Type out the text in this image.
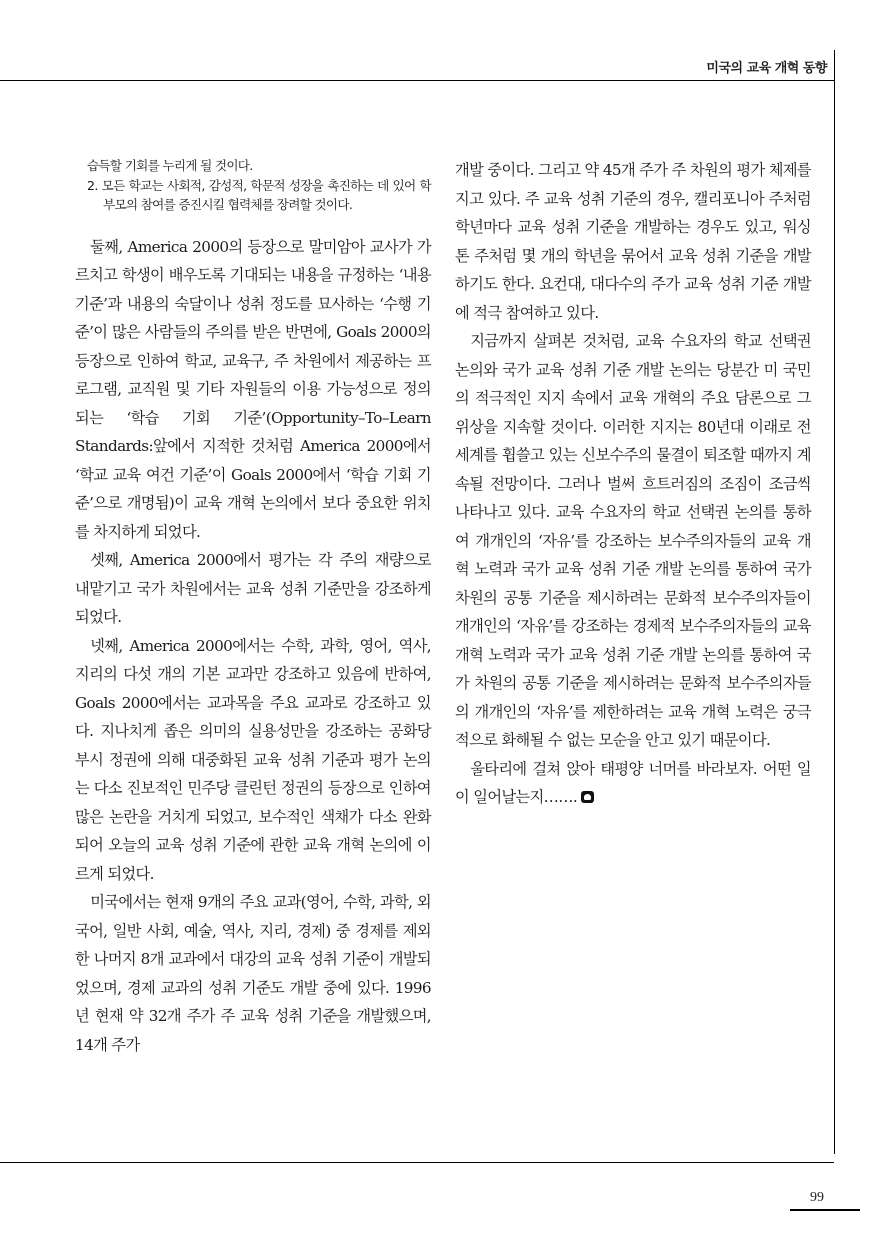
미국의 교육 개혁 동향
습득할 기회를 누리게 될 것이다.
2. 모든 학교는 사회적, 감성적, 학문적 성장을 촉진하는 데 있어 학부모의 참여를 증진시킬 협력체를 장려할 것이다.

둘째, America 2000의 등장으로 말미암아 교사가 가르치고 학생이 배우도록 기대되는 내용을 규정하는 ‘내용 기준’과 내용의 숙달이나 성취 정도를 묘사하는 ‘수행 기준’이 많은 사람들의 주의를 받은 반면에, Goals 2000의 등장으로 인하여 학교, 교육구, 주 차원에서 제공하는 프로그램, 교직원 및 기타 자원들의 이용 가능성으로 정의되는 ‘학습 기회 기준’(Opportunity–To–Learn Standards:앞에서 지적한 것처럼 America 2000에서 ‘학교 교육 여건 기준’이 Goals 2000에서 ‘학습 기회 기준’으로 개명됨)이 교육 개혁 논의에서 보다 중요한 위치를 차지하게 되었다.

셋째, America 2000에서 평가는 각 주의 재량으로 내맡기고 국가 차원에서는 교육 성취 기준만을 강조하게 되었다.

넷째, America 2000에서는 수학, 과학, 영어, 역사, 지리의 다섯 개의 기본 교과만 강조하고 있음에 반하여, Goals 2000에서는 교과목을 주요 교과로 강조하고 있다. 지나치게 좁은 의미의 실용성만을 강조하는 공화당 부시 정권에 의해 대중화된 교육 성취 기준과 평가 논의는 다소 진보적인 민주당 클린턴 정권의 등장으로 인하여 많은 논란을 거치게 되었고, 보수적인 색채가 다소 완화되어 오늘의 교육 성취 기준에 관한 교육 개혁 논의에 이르게 되었다.

미국에서는 현재 9개의 주요 교과(영어, 수학, 과학, 외국어, 일반 사회, 예술, 역사, 지리, 경제) 중 경제를 제외한 나머지 8개 교과에서 대강의 교육 성취 기준이 개발되었으며, 경제 교과의 성취 기준도 개발 중에 있다. 1996년 현재 약 32개 주가 주 교육 성취 기준을 개발했으며, 14개 주가

개발 중이다. 그리고 약 45개 주가 주 차원의 평가 체제를 지고 있다. 주 교육 성취 기준의 경우, 캘리포니아 주처럼 학년마다 교육 성취 기준을 개발하는 경우도 있고, 워싱톤 주처럼 몇 개의 학년을 묶어서 교육 성취 기준을 개발하기도 한다. 요컨대, 대다수의 주가 교육 성취 기준 개발에 적극 참여하고 있다.

지금까지 살펴본 것처럼, 교육 수요자의 학교 선택권 논의와 국가 교육 성취 기준 개발 논의는 당분간 미 국민의 적극적인 지지 속에서 교육 개혁의 주요 담론으로 그 위상을 지속할 것이다. 이러한 지지는 80년대 이래로 전세계를 휩쓸고 있는 신보수주의 물결이 퇴조할 때까지 계속될 전망이다. 그러나 벌써 흐트러짐의 조짐이 조금씩 나타나고 있다. 교육 수요자의 학교 선택권 논의를 통하여 개개인의 ‘자유’를 강조하는 보수주의자들의 교육 개혁 노력과 국가 교육 성취 기준 개발 논의를 통하여 국가 차원의 공통 기준을 제시하려는 문화적 보수주의자들이 개개인의 ‘자유’를 강조하는 경제적 보수주의자들의 교육 개혁 노력과 국가 교육 성취 기준 개발 논의를 통하여 국가 차원의 공통 기준을 제시하려는 문화적 보수주의자들의 개개인의 ‘자유’를 제한하려는 교육 개혁 노력은 궁극적으로 화해될 수 없는 모순을 안고 있기 때문이다.

울타리에 걸쳐 앉아 태평양 너머를 바라보자. 어떤 일이 일어날는지…….

99
